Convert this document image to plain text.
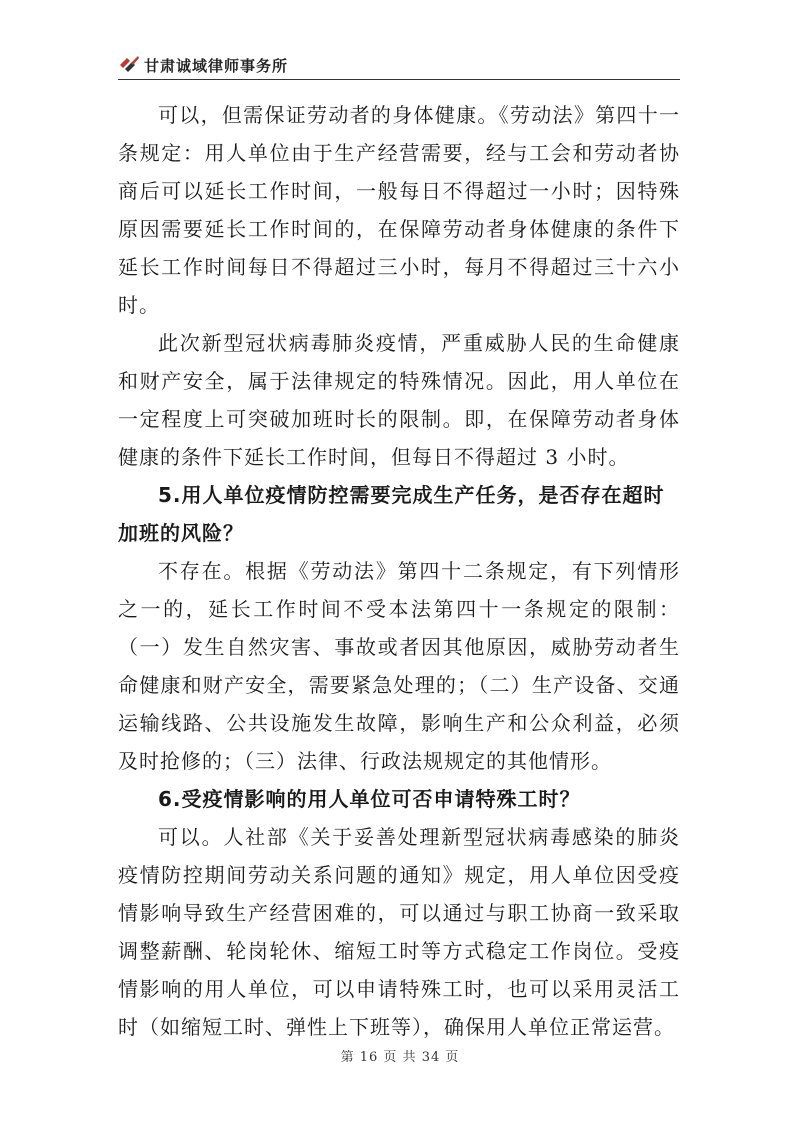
甘肃诚域律师事务所

可以，但需保证劳动者的身体健康。《劳动法》第四十一条规定：用人单位由于生产经营需要，经与工会和劳动者协商后可以延长工作时间，一般每日不得超过一小时；因特殊原因需要延长工作时间的，在保障劳动者身体健康的条件下延长工作时间每日不得超过三小时，每月不得超过三十六小时。

此次新型冠状病毒肺炎疫情，严重威胁人民的生命健康和财产安全，属于法律规定的特殊情况。因此，用人单位在一定程度上可突破加班时长的限制。即，在保障劳动者身体健康的条件下延长工作时间，但每日不得超过 3 小时。

5.用人单位疫情防控需要完成生产任务，是否存在超时加班的风险？

不存在。根据《劳动法》第四十二条规定，有下列情形之一的，延长工作时间不受本法第四十一条规定的限制：（一）发生自然灾害、事故或者因其他原因，威胁劳动者生命健康和财产安全，需要紧急处理的；（二）生产设备、交通运输线路、公共设施发生故障，影响生产和公众利益，必须及时抢修的；（三）法律、行政法规规定的其他情形。

6.受疫情影响的用人单位可否申请特殊工时？

可以。人社部《关于妥善处理新型冠状病毒感染的肺炎疫情防控期间劳动关系问题的通知》规定，用人单位因受疫情影响导致生产经营困难的，可以通过与职工协商一致采取调整薪酬、轮岗轮休、缩短工时等方式稳定工作岗位。受疫情影响的用人单位，可以申请特殊工时，也可以采用灵活工时（如缩短工时、弹性上下班等），确保用人单位正常运营。

第 16 页 共 34 页
